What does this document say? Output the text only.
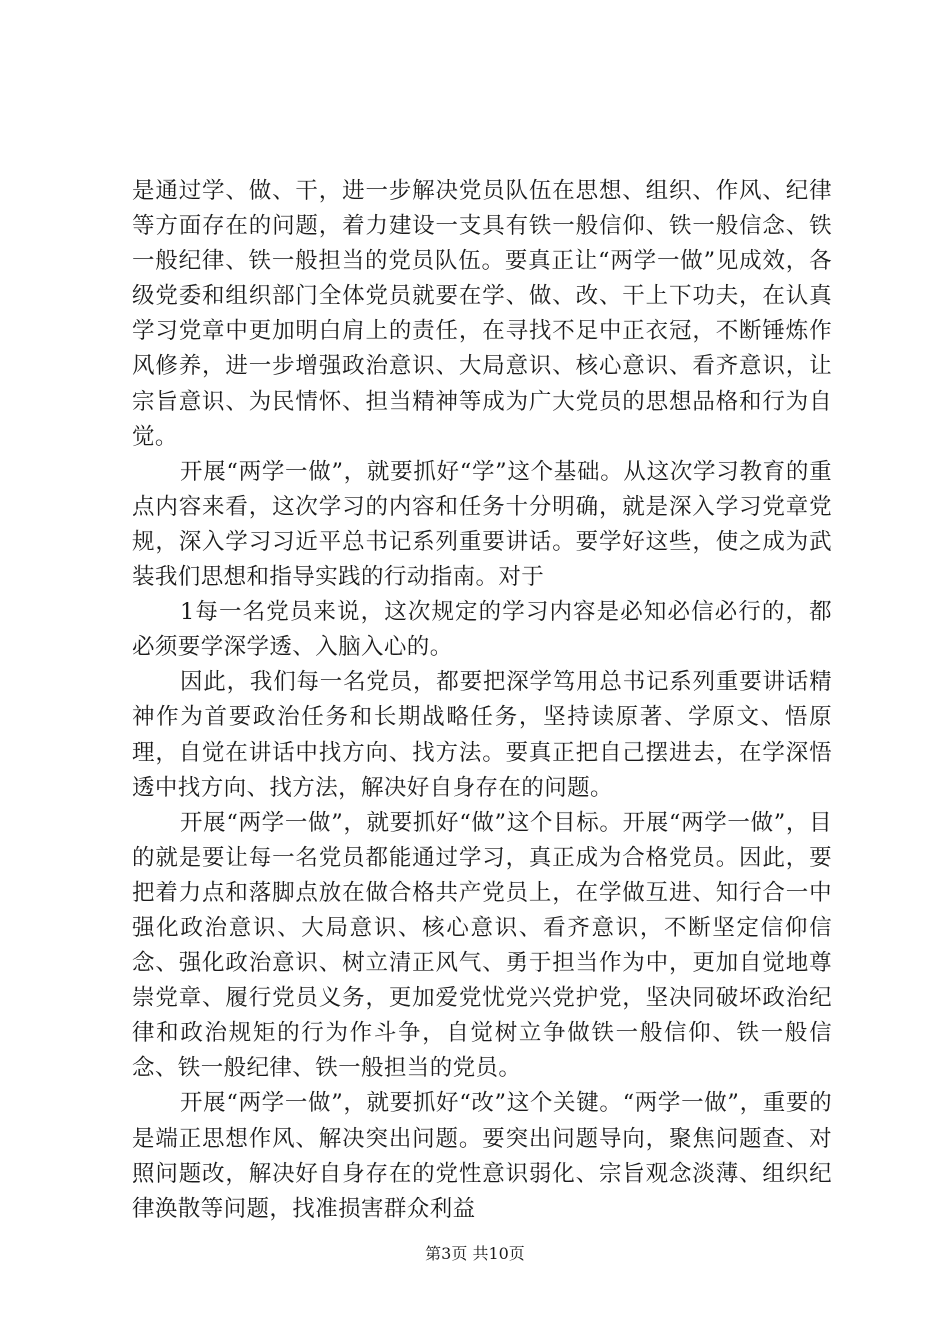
是通过学、做、干，进一步解决党员队伍在思想、组织、作风、纪律等方面存在的问题，着力建设一支具有铁一般信仰、铁一般信念、铁一般纪律、铁一般担当的党员队伍。要真正让“两学一做”见成效，各级党委和组织部门全体党员就要在学、做、改、干上下功夫，在认真学习党章中更加明白肩上的责任，在寻找不足中正衣冠，不断锤炼作风修养，进一步增强政治意识、大局意识、核心意识、看齐意识，让宗旨意识、为民情怀、担当精神等成为广大党员的思想品格和行为自觉。

开展“两学一做”，就要抓好“学”这个基础。从这次学习教育的重点内容来看，这次学习的内容和任务十分明确，就是深入学习党章党规，深入学习习近平总书记系列重要讲话。要学好这些，使之成为武装我们思想和指导实践的行动指南。对于

1每一名党员来说，这次规定的学习内容是必知必信必行的，都必须要学深学透、入脑入心的。

因此，我们每一名党员，都要把深学笃用总书记系列重要讲话精神作为首要政治任务和长期战略任务，坚持读原著、学原文、悟原理，自觉在讲话中找方向、找方法。要真正把自己摆进去，在学深悟透中找方向、找方法，解决好自身存在的问题。

开展“两学一做”，就要抓好“做”这个目标。开展“两学一做”，目的就是要让每一名党员都能通过学习，真正成为合格党员。因此，要把着力点和落脚点放在做合格共产党员上，在学做互进、知行合一中强化政治意识、大局意识、核心意识、看齐意识，不断坚定信仰信念、强化政治意识、树立清正风气、勇于担当作为中，更加自觉地尊崇党章、履行党员义务，更加爱党忧党兴党护党，坚决同破坏政治纪律和政治规矩的行为作斗争，自觉树立争做铁一般信仰、铁一般信念、铁一般纪律、铁一般担当的党员。

开展“两学一做”，就要抓好“改”这个关键。“两学一做”，重要的是端正思想作风、解决突出问题。要突出问题导向，聚焦问题查、对照问题改，解决好自身存在的党性意识弱化、宗旨观念淡薄、组织纪律涣散等问题，找准损害群众利益

第3页 共10页
